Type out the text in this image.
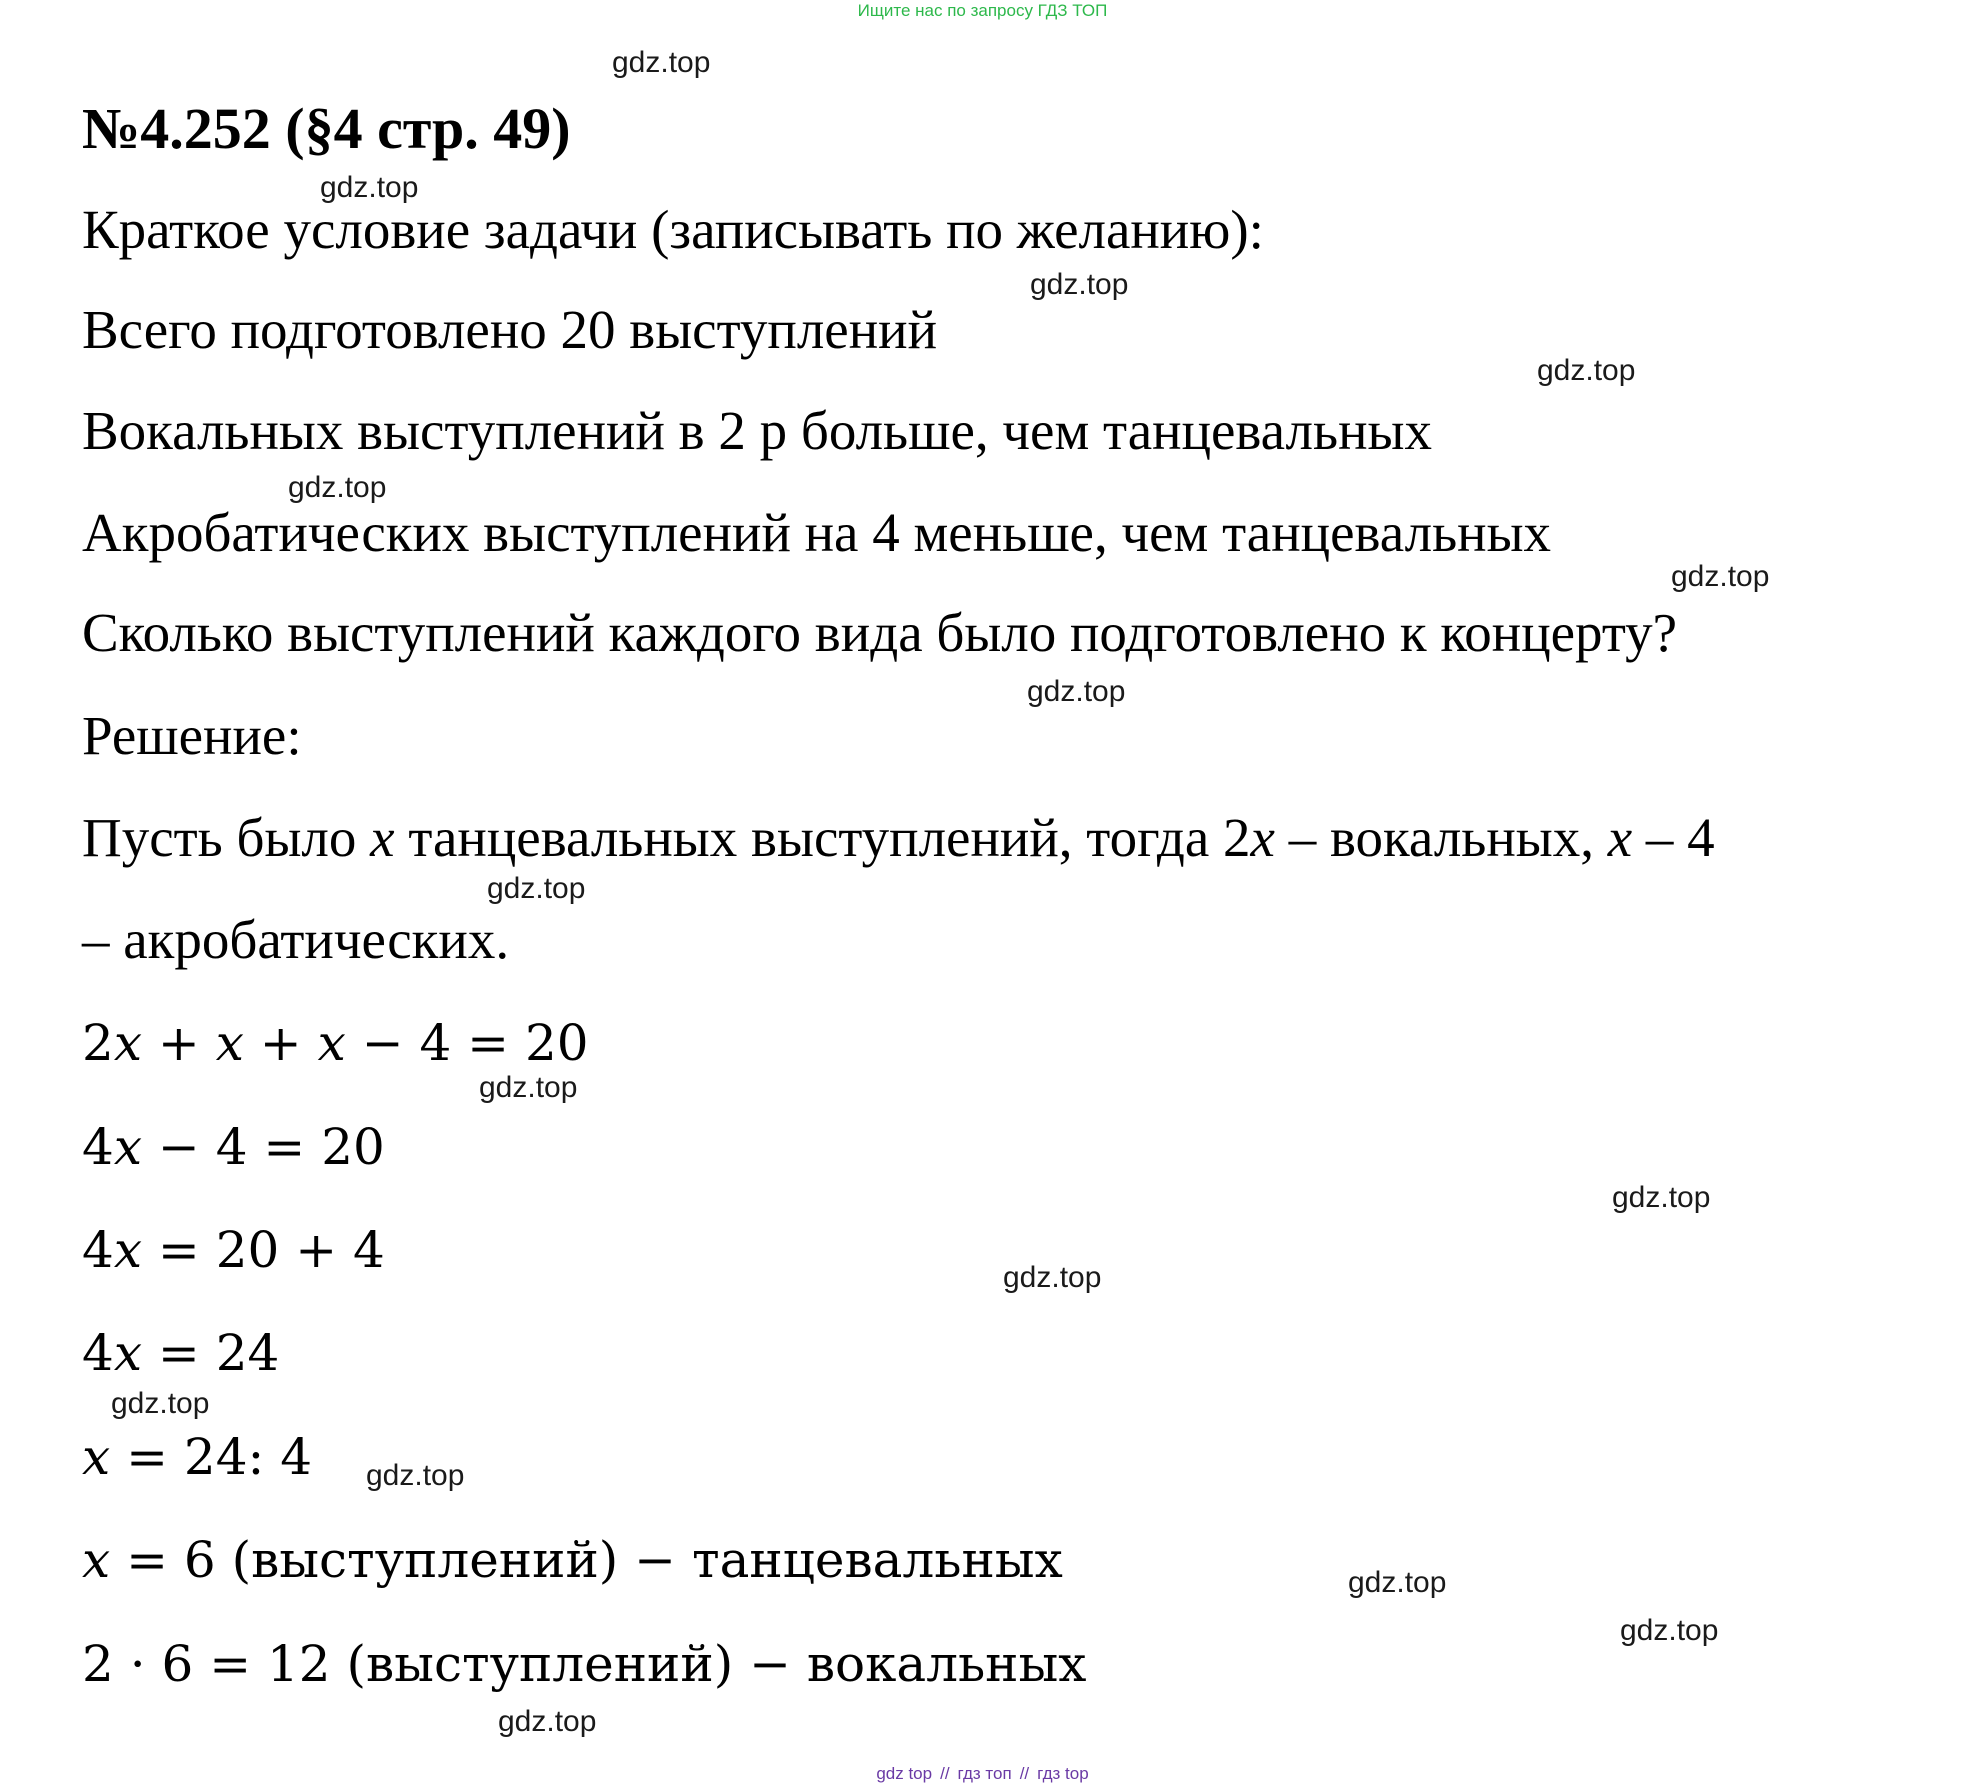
Ищите нас по запросу ГДЗ ТОП
№4.252 (§4 стр. 49)
Краткое условие задачи (записывать по желанию):
Всего подготовлено 20 выступлений
Вокальных выступлений в 2 р больше, чем танцевальных
Акробатических выступлений на 4 меньше, чем танцевальных
Сколько выступлений каждого вида было подготовлено к концерту?
Решение:
Пусть было x танцевальных выступлений, тогда 2x – вокальных, x – 4
– акробатических.
2x + x + x − 4 = 20
4x − 4 = 20
4x = 20 + 4
4x = 24
x = 24: 4
x = 6 (выступлений) − танцевальных
2 · 6 = 12 (выступлений) − вокальных
gdz.top
gdz.top
gdz.top
gdz.top
gdz.top
gdz.top
gdz.top
gdz.top
gdz.top
gdz.top
gdz.top
gdz.top
gdz.top
gdz.top
gdz.top
gdz.top
gdz top // гдз топ // гдз top
